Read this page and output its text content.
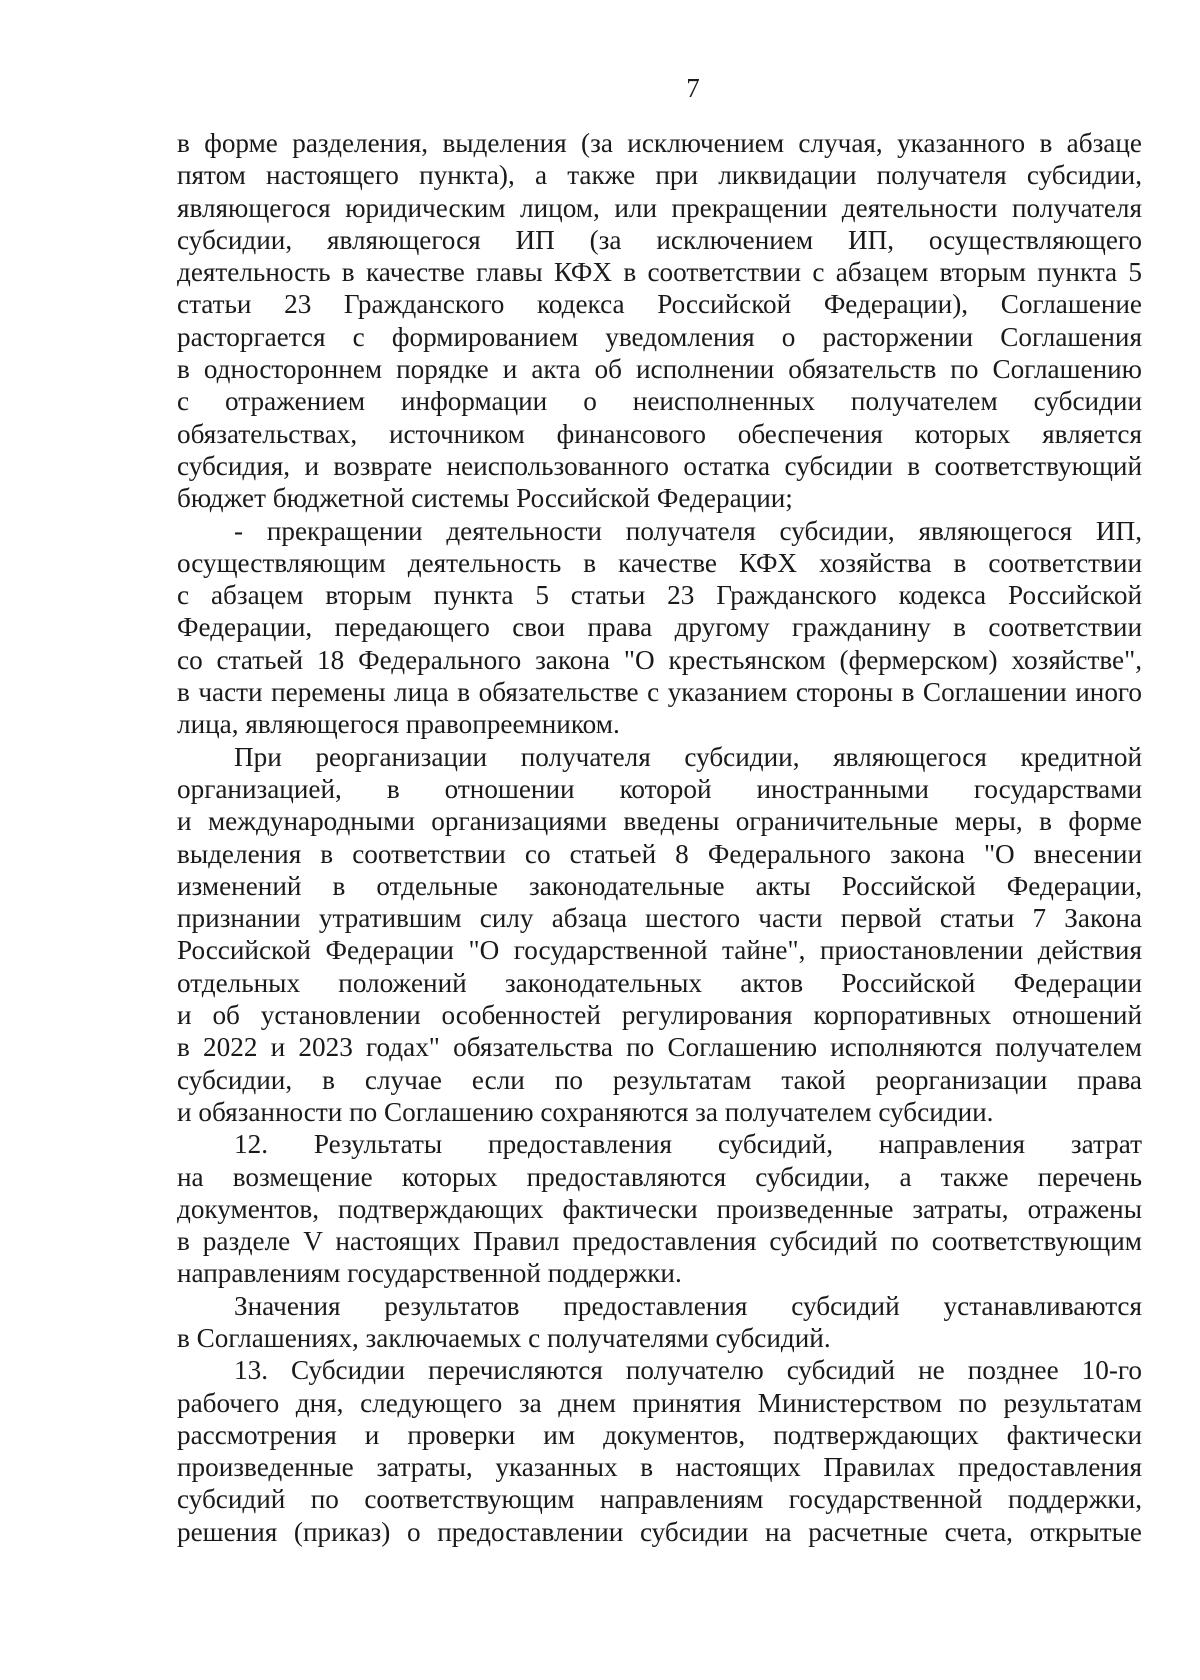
7

в форме разделения, выделения (за исключением случая, указанного в абзаце

пятом настоящего пункта), а также при ликвидации получателя субсидии,

являющегося юридическим лицом, или прекращении деятельности получателя

субсидии, являющегося ИП (за исключением ИП, осуществляющего

деятельность в качестве главы КФХ в соответствии с абзацем вторым пункта 5

статьи 23 Гражданского кодекса Российской Федерации), Соглашение

расторгается с формированием уведомления о расторжении Соглашения

в одностороннем порядке и акта об исполнении обязательств по Соглашению

с отражением информации о неисполненных получателем субсидии

обязательствах, источником финансового обеспечения которых является

субсидия, и возврате неиспользованного остатка субсидии в соответствующий

бюджет бюджетной системы Российской Федерации;

- прекращении деятельности получателя субсидии, являющегося ИП,

осуществляющим деятельность в качестве КФХ хозяйства в соответствии

с абзацем вторым пункта 5 статьи 23 Гражданского кодекса Российской

Федерации, передающего свои права другому гражданину в соответствии

со статьей 18 Федерального закона "О крестьянском (фермерском) хозяйстве",

в части перемены лица в обязательстве с указанием стороны в Соглашении иного

лица, являющегося правопреемником.

При реорганизации получателя субсидии, являющегося кредитной

организацией, в отношении которой иностранными государствами

и международными организациями введены ограничительные меры, в форме

выделения в соответствии со статьей 8 Федерального закона "О внесении

изменений в отдельные законодательные акты Российской Федерации,

признании утратившим силу абзаца шестого части первой статьи 7 Закона

Российской Федерации "О государственной тайне", приостановлении действия

отдельных положений законодательных актов Российской Федерации

и об установлении особенностей регулирования корпоративных отношений

в 2022 и 2023 годах" обязательства по Соглашению исполняются получателем

субсидии, в случае если по результатам такой реорганизации права

и обязанности по Соглашению сохраняются за получателем субсидии.

12. Результаты предоставления субсидий, направления затрат

на возмещение которых предоставляются субсидии, а также перечень

документов, подтверждающих фактически произведенные затраты, отражены

в разделе V настоящих Правил предоставления субсидий по соответствующим

направлениям государственной поддержки.

Значения результатов предоставления субсидий устанавливаются

в Соглашениях, заключаемых с получателями субсидий.

13. Субсидии перечисляются получателю субсидий не позднее 10-го

рабочего дня, следующего за днем принятия Министерством по результатам

рассмотрения и проверки им документов, подтверждающих фактически

произведенные затраты, указанных в настоящих Правилах предоставления

субсидий по соответствующим направлениям государственной поддержки,

решения (приказ) о предоставлении субсидии на расчетные счета, открытые
